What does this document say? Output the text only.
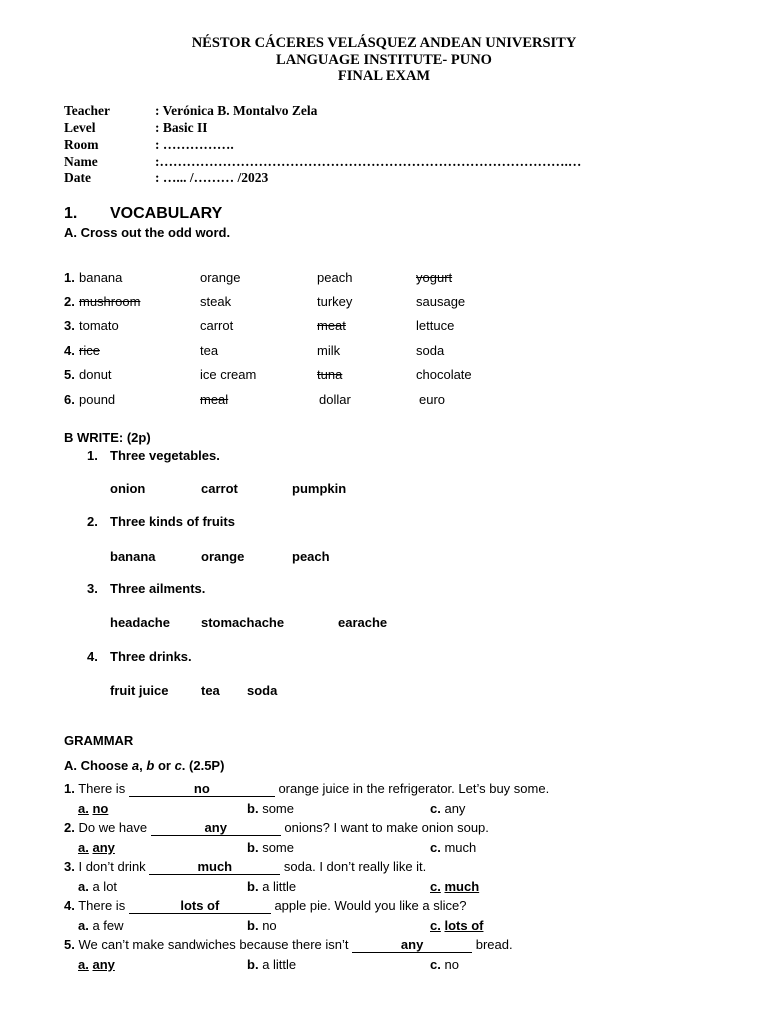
NÉSTOR CÁCERES VELÁSQUEZ ANDEAN UNIVERSITY
LANGUAGE INSTITUTE- PUNO
FINAL EXAM
1. VOCABULARY
A. Cross out the odd word.
B WRITE: (2p)
GRAMMAR
A. Choose a, b or c. (2.5P)
Teacher	: Verónica B. Montalvo Zela
Level	: Basic II
Room	: …………….
Name	:……………………………………………………………………………….…
Date	: …... /……… /2023
1. banana	orange	peach	yogurt
2. mushroom	steak	turkey	sausage
3. tomato	carrot	meat	lettuce
4. rice	tea	milk	soda
5. donut	ice cream	tuna	chocolate
6. pound	meal	dollar	euro
1. Three vegetables.
onion	carrot	pumpkin
2. Three kinds of fruits
banana	orange	peach
3. Three ailments.
headache stomachache	earache
4. Three drinks.
fruit juice tea soda
1. There is	no	orange juice in the refrigerator. Let’s buy some.
a. no	b. some	c. any
2. Do we have	any	onions? I want to make onion soup.
a. any	b. some	c. much
3. I don’t drink	much	soda. I don’t really like it.
a. a lot	b. a little	c. much
4. There is	lots of	apple pie. Would you like a slice?
a. a few	b. no	c. lots of
5. We can’t make sandwiches because there isn’t	any	bread.
a. any	b. a little	c. no
